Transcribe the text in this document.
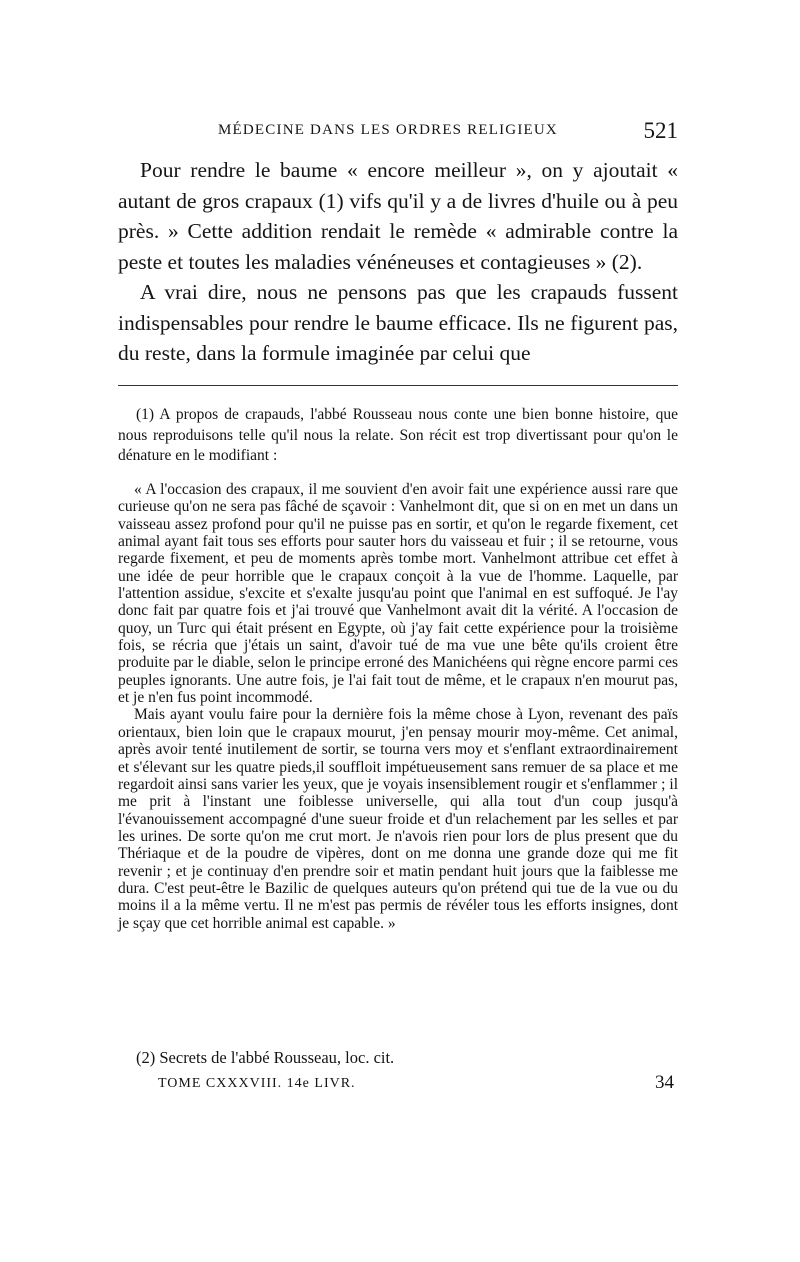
MÉDECINE DANS LES ORDRES RELIGIEUX	521

Pour rendre le baume « encore meilleur », on y ajoutait « autant de gros crapaux (1) vifs qu'il y a de livres d'huile ou à peu près. » Cette addition rendait le remède « admirable contre la peste et toutes les maladies vénéneuses et contagieuses » (2).

A vrai dire, nous ne pensons pas que les crapauds fussent indispensables pour rendre le baume efficace. Ils ne figurent pas, du reste, dans la formule imaginée par celui que

(1) A propos de crapauds, l'abbé Rousseau nous conte une bien bonne histoire, que nous reproduisons telle qu'il nous la relate. Son récit est trop divertissant pour qu'on le dénature en le modifiant :

« A l'occasion des crapaux, il me souvient d'en avoir fait une expérience aussi rare que curieuse qu'on ne sera pas fâché de sçavoir : Vanhelmont dit, que si on en met un dans un vaisseau assez profond pour qu'il ne puisse pas en sortir, et qu'on le regarde fixement, cet animal ayant fait tous ses efforts pour sauter hors du vaisseau et fuir ; il se retourne, vous regarde fixement, et peu de moments après tombe mort. Vanhelmont attribue cet effet à une idée de peur horrible que le crapaux conçoit à la vue de l'homme. Laquelle, par l'attention assidue, s'excite et s'exalte jusqu'au point que l'animal en est suffoqué. Je l'ay donc fait par quatre fois et j'ai trouvé que Vanhelmont avait dit la vérité. A l'occasion de quoy, un Turc qui était présent en Egypte, où j'ay fait cette expérience pour la troisième fois, se récria que j'étais un saint, d'avoir tué de ma vue une bête qu'ils croient être produite par le diable, selon le principe erroné des Manichéens qui règne encore parmi ces peuples ignorants. Une autre fois, je l'ai fait tout de même, et le crapaux n'en mourut pas, et je n'en fus point incommodé.

Mais ayant voulu faire pour la dernière fois la même chose à Lyon, revenant des païs orientaux, bien loin que le crapaux mourut, j'en pensay mourir moy-même. Cet animal, après avoir tenté inutilement de sortir, se tourna vers moy et s'enflant extraordinairement et s'élevant sur les quatre pieds,il souffloit impétueusement sans remuer de sa place et me regardoit ainsi sans varier les yeux, que je voyais insensiblement rougir et s'enflammer ; il me prit à l'instant une foiblesse universelle, qui alla tout d'un coup jusqu'à l'évanouissement accompagné d'une sueur froide et d'un relachement par les selles et par les urines. De sorte qu'on me crut mort. Je n'avois rien pour lors de plus present que du Thériaque et de la poudre de vipères, dont on me donna une grande doze qui me fit revenir ; et je continuay d'en prendre soir et matin pendant huit jours que la faiblesse me dura. C'est peut-être le Bazilic de quelques auteurs qu'on prétend qui tue de la vue ou du moins il a la même vertu. Il ne m'est pas permis de révéler tous les efforts insignes, dont je sçay que cet horrible animal est capable. »

(2) Secrets de l'abbé Rousseau, loc. cit.

TOME CXXXVIII. 14e LIVR.	34
